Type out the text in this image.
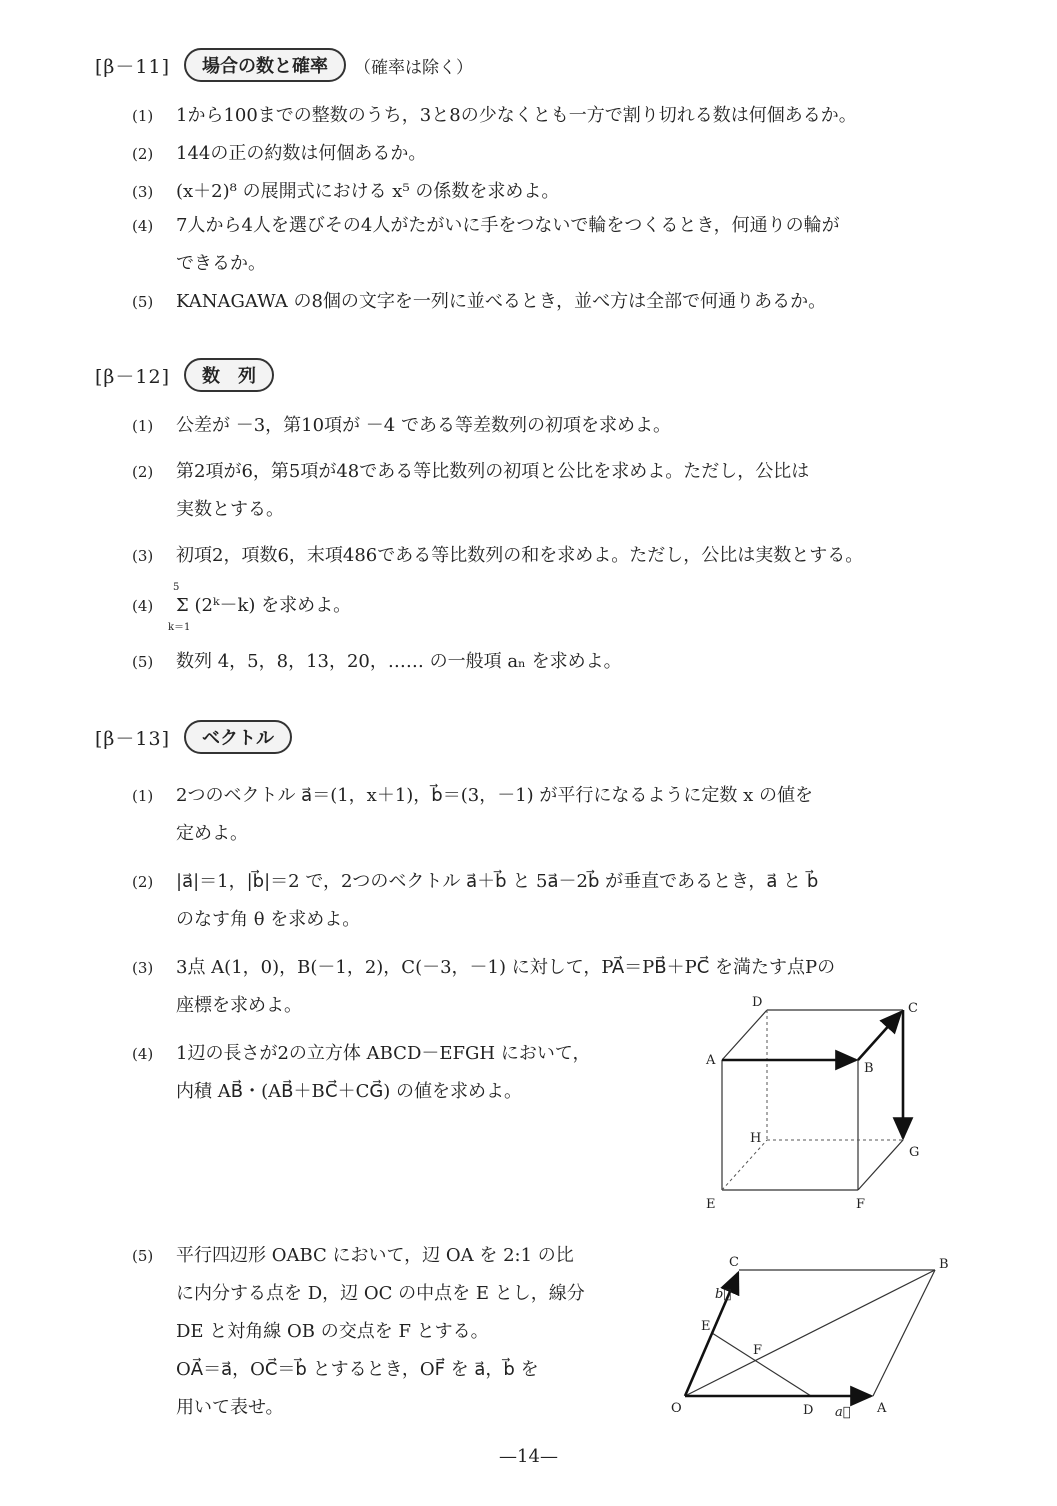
[β－11]	場合の数と確率	（確率は除く）
(1) 1から100までの整数のうち，3と8の少なくとも一方で割り切れる数は何個あるか。
(2) 144の正の約数は何個あるか。
(3) (x＋2)⁸ の展開式における x⁵ の係数を求めよ。
(4) 7人から4人を選びその4人がたがいに手をつないで輪をつくるとき，何通りの輪が
できるか。
(5) KANAGAWA の8個の文字を一列に並べるとき，並べ方は全部で何通りあるか。
[β－12]	数　列
(1) 公差が －3，第10項が －4 である等差数列の初項を求めよ。
(2) 第2項が6，第5項が48である等比数列の初項と公比を求めよ。ただし，公比は
実数とする。
(3) 初項2，項数6，末項486である等比数列の和を求めよ。ただし，公比は実数とする。
(4) Σ (2ᵏ－k) を求めよ。
5
k＝1
(5) 数列 4，5，8，13，20，…… の一般項 aₙ を求めよ。
[β－13]	ベクトル
(1) 2つのベクトル a⃗＝(1，x＋1)，b⃗＝(3，－1) が平行になるように定数 x の値を
定めよ。
(2) |a⃗|＝1，|b⃗|＝2 で，2つのベクトル a⃗＋b⃗ と 5a⃗－2b⃗ が垂直であるとき，a⃗ と b⃗
のなす角 θ を求めよ。
(3) 3点 A(1，0)，B(－1，2)，C(－3，－1) に対して，PA⃗＝PB⃗＋PC⃗ を満たす点Pの
座標を求めよ。
(4) 1辺の長さが2の立方体 ABCD－EFGH において，
内積 AB⃗・(AB⃗＋BC⃗＋CG⃗) の値を求めよ。
A
B
C
D
E	F
G
H
(5) 平行四辺形 OABC において，辺 OA を 2:1 の比
に内分する点を D，辺 OC の中点を E とし，線分
DE と対角線 OB の交点を F とする。
OA⃗＝a⃗，OC⃗＝b⃗ とするとき，OF⃗ を a⃗，b⃗ を
用いて表せ。	O	A
B
C
D
E
F
a⃗
b⃗
—14—
